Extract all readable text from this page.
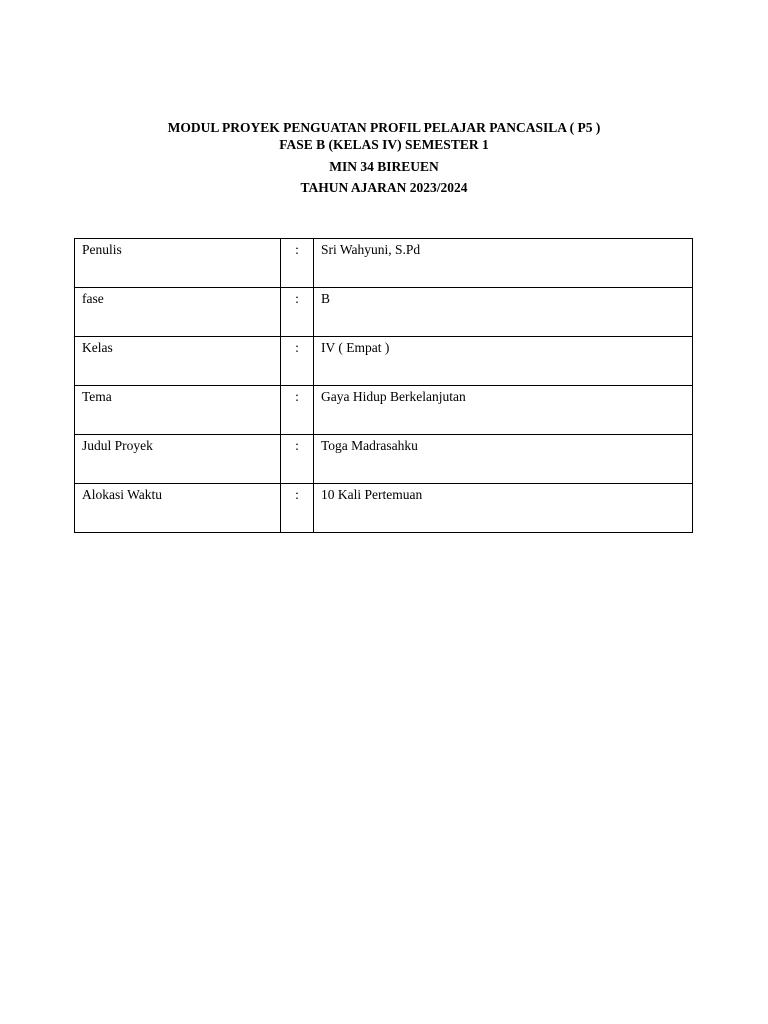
MODUL PROYEK PENGUATAN PROFIL PELAJAR PANCASILA ( P5 )
FASE B (KELAS IV) SEMESTER 1
MIN 34 BIREUEN
TAHUN AJARAN 2023/2024
Penulis	:	Sri Wahyuni, S.Pd
fase	:	B
Kelas	:	IV ( Empat )
Tema	:	Gaya Hidup Berkelanjutan
Judul Proyek	:	Toga Madrasahku
Alokasi Waktu	:	10 Kali Pertemuan
